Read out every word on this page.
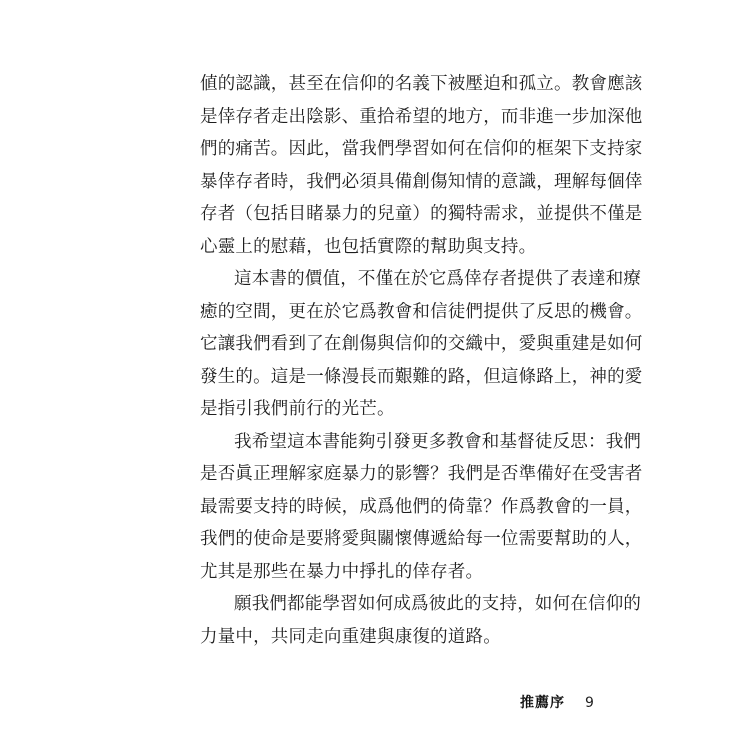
値的認識，甚至在信仰的名義下被壓迫和孤立。教會應該
是倖存者走出陰影、重拾希望的地方，而非進一步加深他
們的痛苦。因此，當我們學習如何在信仰的框架下支持家
暴倖存者時，我們必須具備創傷知情的意識，理解每個倖
存者（包括目睹暴力的兒童）的獨特需求，並提供不僅是
心靈上的慰藉，也包括實際的幫助與支持。

這本書的價值，不僅在於它爲倖存者提供了表達和療
癒的空間，更在於它爲教會和信徒們提供了反思的機會。
它讓我們看到了在創傷與信仰的交織中，愛與重建是如何
發生的。這是一條漫長而艱難的路，但這條路上，神的愛
是指引我們前行的光芒。

我希望這本書能夠引發更多教會和基督徒反思：我們
是否眞正理解家庭暴力的影響？我們是否準備好在受害者
最需要支持的時候，成爲他們的倚靠？作爲教會的一員，
我們的使命是要將愛與關懷傳遞給每一位需要幫助的人，
尤其是那些在暴力中掙扎的倖存者。

願我們都能學習如何成爲彼此的支持，如何在信仰的
力量中，共同走向重建與康復的道路。

推薦序 9
